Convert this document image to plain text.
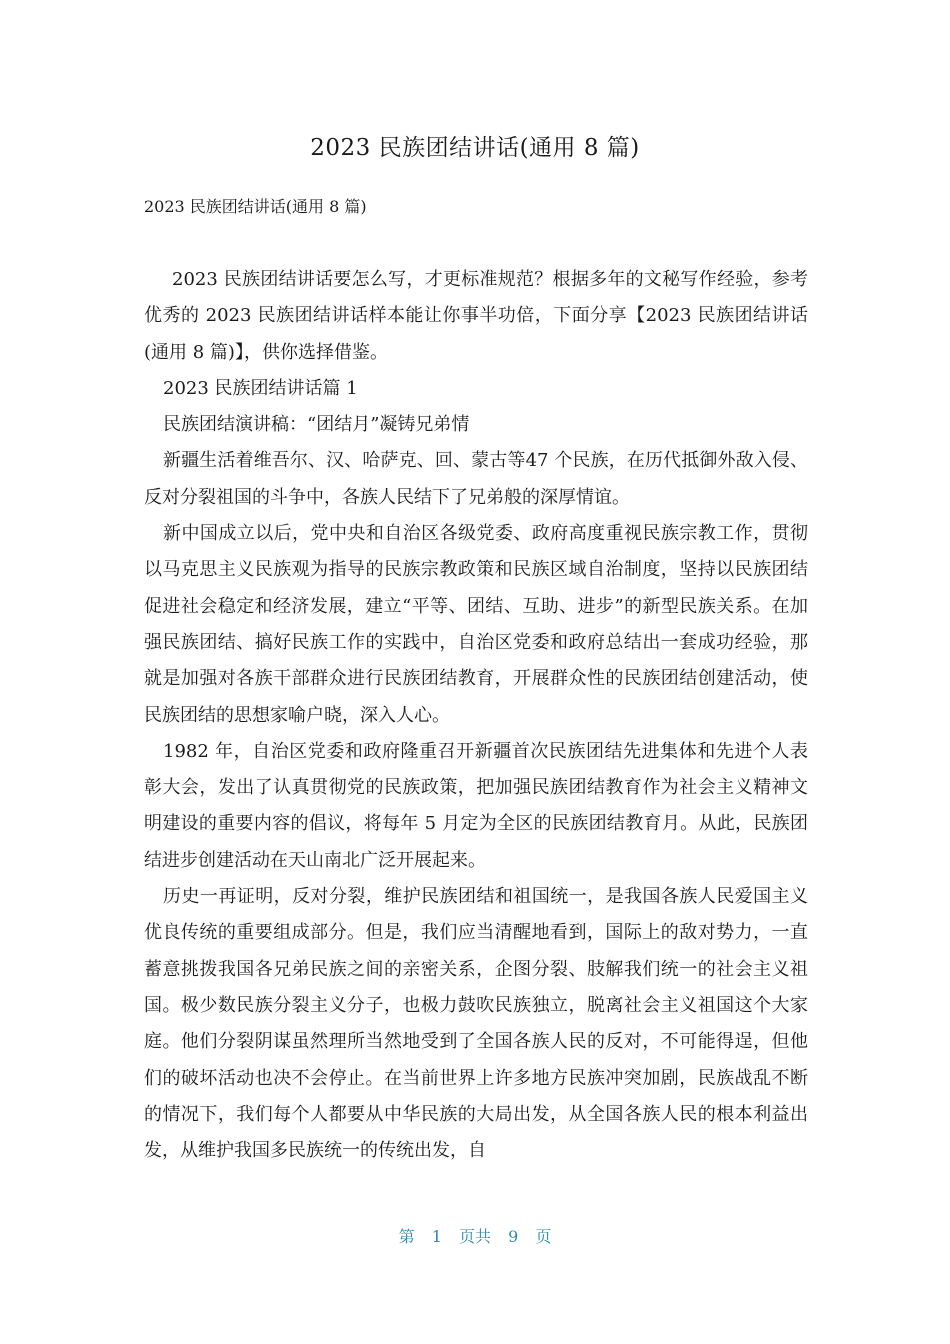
2023 民族团结讲话(通用 8 篇)
2023 民族团结讲话(通用 8 篇)

2023 民族团结讲话要怎么写，才更标准规范？根据多年的文秘写作经验，参考优秀的 2023 民族团结讲话样本能让你事半功倍，下面分享【2023 民族团结讲话(通用 8 篇)】，供你选择借鉴。

2023 民族团结讲话篇 1

民族团结演讲稿：“团结月”凝铸兄弟情

新疆生活着维吾尔、汉、哈萨克、回、蒙古等47 个民族，在历代抵御外敌入侵、反对分裂祖国的斗争中，各族人民结下了兄弟般的深厚情谊。

新中国成立以后，党中央和自治区各级党委、政府高度重视民族宗教工作，贯彻以马克思主义民族观为指导的民族宗教政策和民族区域自治制度，坚持以民族团结促进社会稳定和经济发展，建立“平等、团结、互助、进步”的新型民族关系。在加强民族团结、搞好民族工作的实践中，自治区党委和政府总结出一套成功经验，那就是加强对各族干部群众进行民族团结教育，开展群众性的民族团结创建活动，使民族团结的思想家喻户晓，深入人心。

1982 年，自治区党委和政府隆重召开新疆首次民族团结先进集体和先进个人表彰大会，发出了认真贯彻党的民族政策，把加强民族团结教育作为社会主义精神文明建设的重要内容的倡议，将每年 5 月定为全区的民族团结教育月。从此，民族团结进步创建活动在天山南北广泛开展起来。

历史一再证明，反对分裂，维护民族团结和祖国统一，是我国各族人民爱国主义优良传统的重要组成部分。但是，我们应当清醒地看到，国际上的敌对势力，一直蓄意挑拨我国各兄弟民族之间的亲密关系，企图分裂、肢解我们统一的社会主义祖国。极少数民族分裂主义分子，也极力鼓吹民族独立，脱离社会主义祖国这个大家庭。他们分裂阴谋虽然理所当然地受到了全国各族人民的反对，不可能得逞，但他们的破坏活动也决不会停止。在当前世界上许多地方民族冲突加剧，民族战乱不断的情况下，我们每个人都要从中华民族的大局出发，从全国各族人民的根本利益出发，从维护我国多民族统一的传统出发，自

第 1 页共 9 页
